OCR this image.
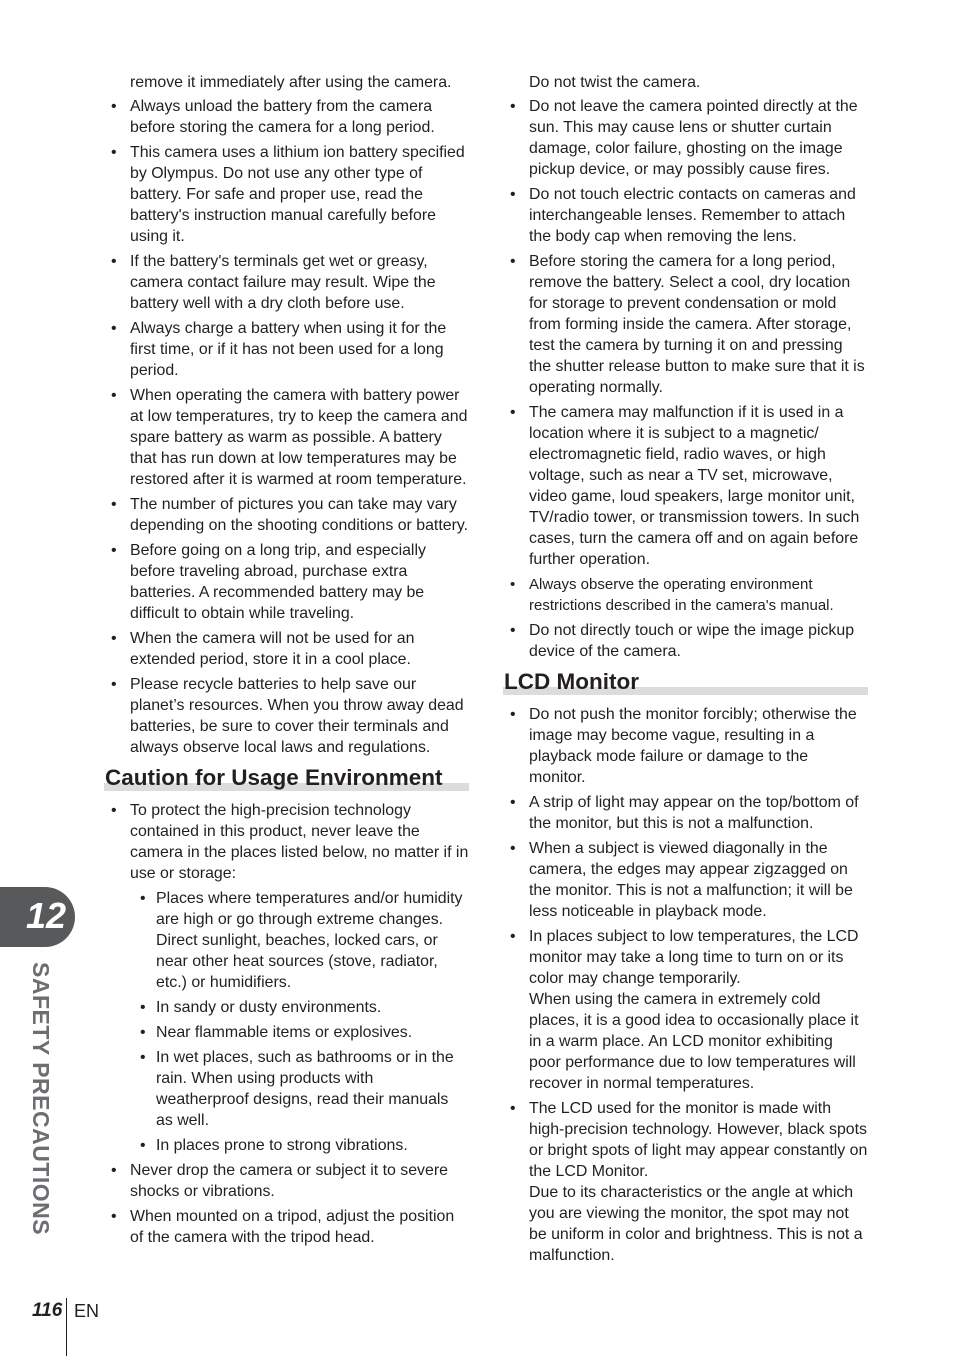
remove it immediately after using the camera.
• Always unload the battery from the camera before storing the camera for a long period.
• This camera uses a lithium ion battery specified by Olympus. Do not use any other type of battery. For safe and proper use, read the battery's instruction manual carefully before using it.
• If the battery's terminals get wet or greasy, camera contact failure may result. Wipe the battery well with a dry cloth before use.
• Always charge a battery when using it for the first time, or if it has not been used for a long period.
• When operating the camera with battery power at low temperatures, try to keep the camera and spare battery as warm as possible. A battery that has run down at low temperatures may be restored after it is warmed at room temperature.
• The number of pictures you can take may vary depending on the shooting conditions or battery.
• Before going on a long trip, and especially before traveling abroad, purchase extra batteries. A recommended battery may be difficult to obtain while traveling.
• When the camera will not be used for an extended period, store it in a cool place.
• Please recycle batteries to help save our planet’s resources. When you throw away dead batteries, be sure to cover their terminals and always observe local laws and regulations.
Caution for Usage Environment
• To protect the high-precision technology contained in this product, never leave the camera in the places listed below, no matter if in use or storage:
• Places where temperatures and/or humidity are high or go through extreme changes. Direct sunlight, beaches, locked cars, or near other heat sources (stove, radiator, etc.) or humidifiers.
• In sandy or dusty environments.
• Near flammable items or explosives.
• In wet places, such as bathrooms or in the rain. When using products with weatherproof designs, read their manuals as well.
• In places prone to strong vibrations.
• Never drop the camera or subject it to severe shocks or vibrations.
• When mounted on a tripod, adjust the position of the camera with the tripod head.
Do not twist the camera.
• Do not leave the camera pointed directly at the sun. This may cause lens or shutter curtain damage, color failure, ghosting on the image pickup device, or may possibly cause fires.
• Do not touch electric contacts on cameras and interchangeable lenses. Remember to attach the body cap when removing the lens.
• Before storing the camera for a long period, remove the battery. Select a cool, dry location for storage to prevent condensation or mold from forming inside the camera. After storage, test the camera by turning it on and pressing the shutter release button to make sure that it is operating normally.
• The camera may malfunction if it is used in a location where it is subject to a magnetic/ electromagnetic field, radio waves, or high voltage, such as near a TV set, microwave, video game, loud speakers, large monitor unit, TV/radio tower, or transmission towers. In such cases, turn the camera off and on again before further operation.
• Always observe the operating environment restrictions described in the camera's manual.
• Do not directly touch or wipe the image pickup device of the camera.
LCD Monitor
• Do not push the monitor forcibly; otherwise the image may become vague, resulting in a playback mode failure or damage to the monitor.
• A strip of light may appear on the top/bottom of the monitor, but this is not a malfunction.
• When a subject is viewed diagonally in the camera, the edges may appear zigzagged on the monitor. This is not a malfunction; it will be less noticeable in playback mode.
• In places subject to low temperatures, the LCD monitor may take a long time to turn on or its color may change temporarily.
When using the camera in extremely cold places, it is a good idea to occasionally place it in a warm place. An LCD monitor exhibiting poor performance due to low temperatures will recover in normal temperatures.
• The LCD used for the monitor is made with high-precision technology. However, black spots or bright spots of light may appear constantly on the LCD Monitor.
Due to its characteristics or the angle at which you are viewing the monitor, the spot may not be uniform in color and brightness. This is not a malfunction.
12
SAFETY PRECAUTIONS
116 EN
